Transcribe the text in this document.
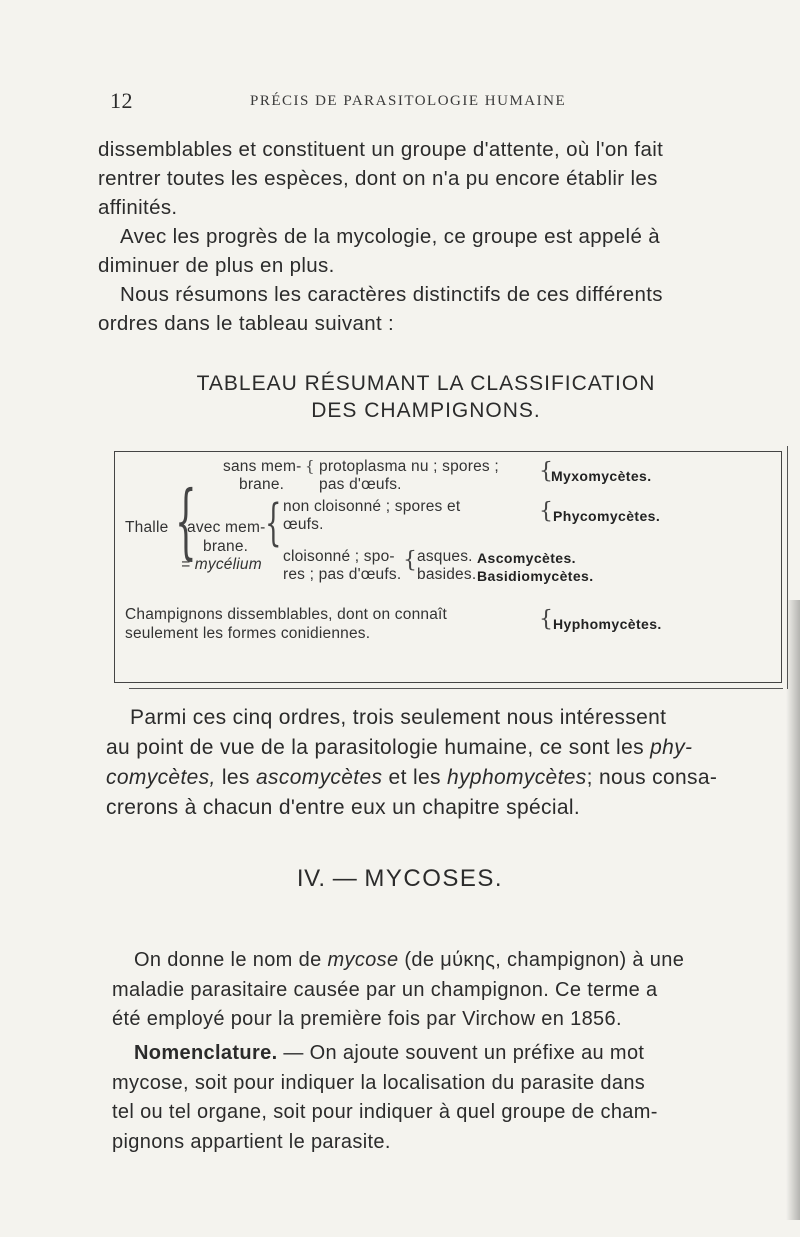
12	PRÉCIS DE PARASITOLOGIE HUMAINE
dissemblables et constituent un groupe d'attente, où l'on fait
rentrer toutes les espèces, dont on n'a pu encore établir les
affinités.
Avec les progrès de la mycologie, ce groupe est appelé à
diminuer de plus en plus.
Nous résumons les caractères distinctifs de ces différents
ordres dans le tableau suivant :
TABLEAU RÉSUMANT LA CLASSIFICATION
DES CHAMPIGNONS.
sans mem-
brane.
{ protoplasma nu ; spores ;
pas d'œufs.
{
Myxomycètes.
Thalle {
avec mem-
brane.
= mycélium
{ non cloisonné ; spores et
œufs.
{ Phycomycètes.
cloisonné ; spo-
res ; pas d'œufs.
{ asques.
basides.
Ascomycètes.
Basidiomycètes.
Champignons dissemblables, dont on connaît
seulement les formes conidiennes.
{ Hyphomycètes.
Parmi ces cinq ordres, trois seulement nous intéressent
au point de vue de la parasitologie humaine, ce sont les phy-
comycètes, les ascomycètes et les hyphomycètes; nous consa-
crerons à chacun d'entre eux un chapitre spécial.
IV. — MYCOSES.
On donne le nom de mycose (de μύκης, champignon) à une
maladie parasitaire causée par un champignon. Ce terme a
été employé pour la première fois par Virchow en 1856.
Nomenclature. — On ajoute souvent un préfixe au mot
mycose, soit pour indiquer la localisation du parasite dans
tel ou tel organe, soit pour indiquer à quel groupe de cham-
pignons appartient le parasite.
